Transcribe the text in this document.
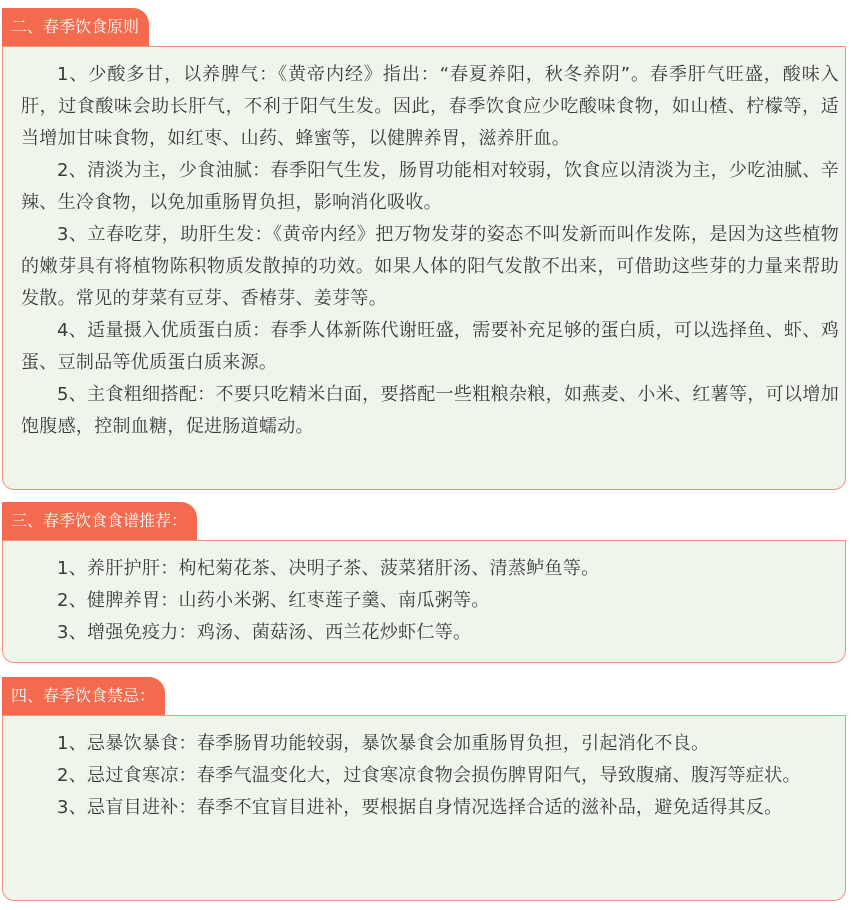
二、春季饮食原则

1、少酸多甘，以养脾气：《黄帝内经》指出：“春夏养阳，秋冬养阴”。春季肝气旺盛，酸味入肝，过食酸味会助长肝气，不利于阳气生发。因此，春季饮食应少吃酸味食物，如山楂、柠檬等，适当增加甘味食物，如红枣、山药、蜂蜜等，以健脾养胃，滋养肝血。

2、清淡为主，少食油腻：春季阳气生发，肠胃功能相对较弱，饮食应以清淡为主，少吃油腻、辛辣、生冷食物，以免加重肠胃负担，影响消化吸收。

3、立春吃芽，助肝生发：《黄帝内经》把万物发芽的姿态不叫发新而叫作发陈，是因为这些植物的嫩芽具有将植物陈积物质发散掉的功效。如果人体的阳气发散不出来，可借助这些芽的力量来帮助发散。常见的芽菜有豆芽、香椿芽、姜芽等。

4、适量摄入优质蛋白质：春季人体新陈代谢旺盛，需要补充足够的蛋白质，可以选择鱼、虾、鸡蛋、豆制品等优质蛋白质来源。

5、主食粗细搭配：不要只吃精米白面，要搭配一些粗粮杂粮，如燕麦、小米、红薯等，可以增加饱腹感，控制血糖，促进肠道蠕动。

三、春季饮食食谱推荐：

1、养肝护肝：枸杞菊花茶、决明子茶、菠菜猪肝汤、清蒸鲈鱼等。

2、健脾养胃：山药小米粥、红枣莲子羹、南瓜粥等。

3、增强免疫力：鸡汤、菌菇汤、西兰花炒虾仁等。

四、春季饮食禁忌：

1、忌暴饮暴食：春季肠胃功能较弱，暴饮暴食会加重肠胃负担，引起消化不良。

2、忌过食寒凉：春季气温变化大，过食寒凉食物会损伤脾胃阳气，导致腹痛、腹泻等症状。

3、忌盲目进补：春季不宜盲目进补，要根据自身情况选择合适的滋补品，避免适得其反。
